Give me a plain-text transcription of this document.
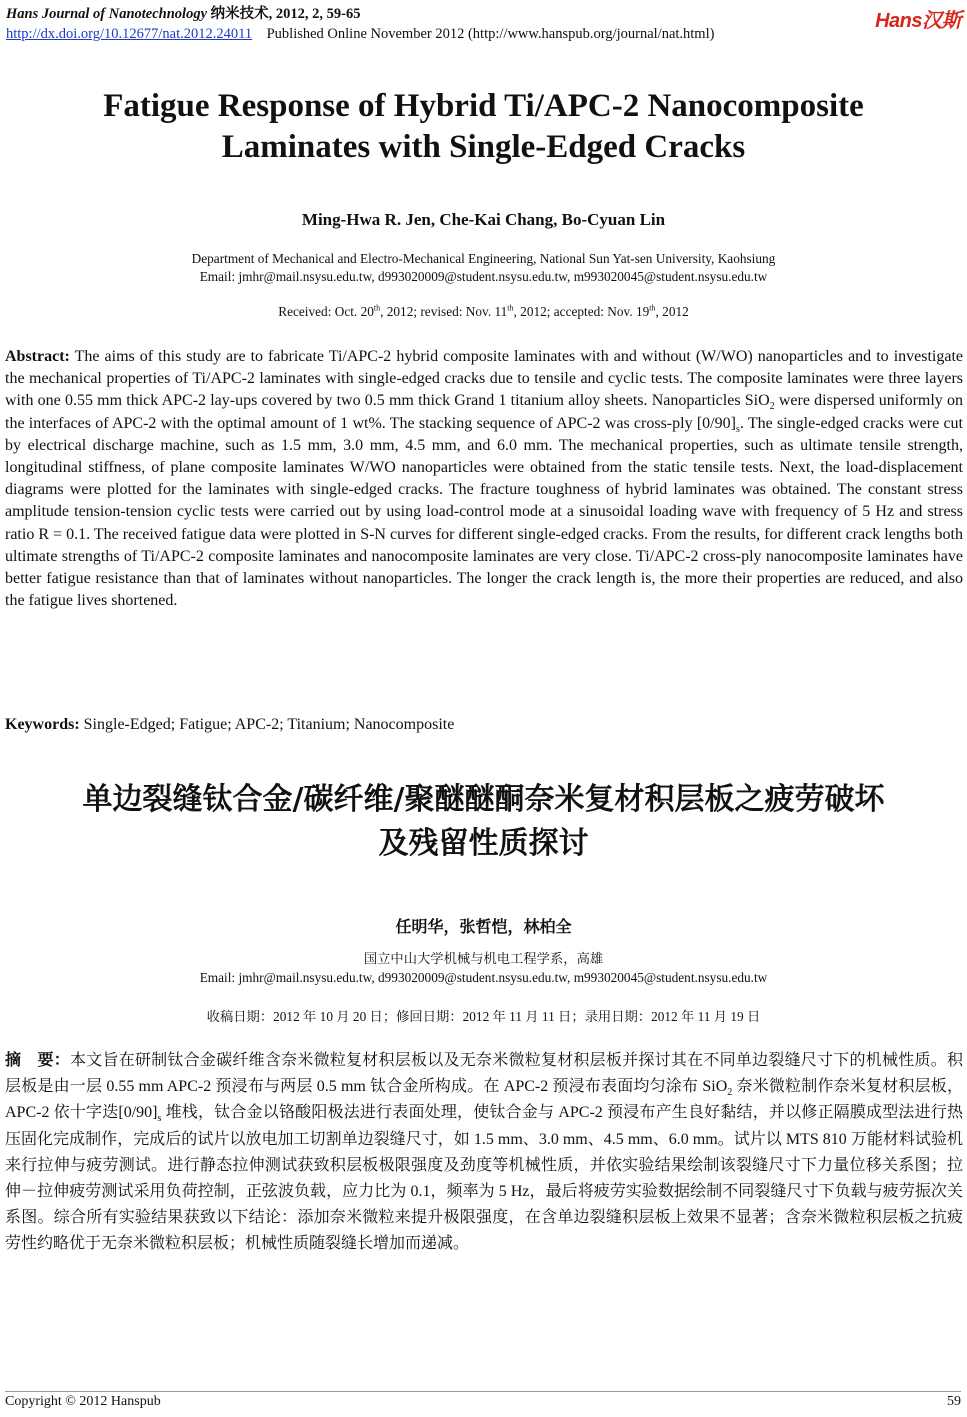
Hans Journal of Nanotechnology 纳米技术, 2012, 2, 59-65
http://dx.doi.org/10.12677/nat.2012.24011 Published Online November 2012 (http://www.hanspub.org/journal/nat.html)
Hans汉斯
Fatigue Response of Hybrid Ti/APC-2 Nanocomposite
Laminates with Single-Edged Cracks
Ming-Hwa R. Jen, Che-Kai Chang, Bo-Cyuan Lin
Department of Mechanical and Electro-Mechanical Engineering, National Sun Yat-sen University, Kaohsiung
Email: jmhr@mail.nsysu.edu.tw, d993020009@student.nsysu.edu.tw, m993020045@student.nsysu.edu.tw
Received: Oct. 20th, 2012; revised: Nov. 11th, 2012; accepted: Nov. 19th, 2012
Abstract: The aims of this study are to fabricate Ti/APC-2 hybrid composite laminates with and without (W/WO) nanoparticles and to investigate the mechanical properties of Ti/APC-2 laminates with single-edged cracks due to tensile and cyclic tests. The composite laminates were three layers with one 0.55 mm thick APC-2 lay-ups covered by two 0.5 mm thick Grand 1 titanium alloy sheets. Nanoparticles SiO$_2$ were dispersed uniformly on the interfaces of APC-2 with the optimal amount of 1 wt%. The stacking sequence of APC-2 was cross-ply $[0/90]_s$. The single-edged cracks were cut by electrical discharge machine, such as 1.5 mm, 3.0 mm, 4.5 mm, and 6.0 mm. The mechanical properties, such as ultimate tensile strength, longitudinal stiffness, of plane composite laminates W/WO nanoparticles were obtained from the static tensile tests. Next, the load-displacement diagrams were plotted for the laminates with single-edged cracks. The fracture toughness of hybrid laminates was obtained. The constant stress amplitude tension-tension cyclic tests were carried out by using load-control mode at a sinusoidal loading wave with frequency of 5 Hz and stress ratio R = 0.1. The received fatigue data were plotted in S-N curves for different single-edged cracks. From the results, for different crack lengths both ultimate strengths of Ti/APC-2 composite laminates and nanocomposite laminates are very close. Ti/APC-2 cross-ply nanocomposite laminates have better fatigue resistance than that of laminates without nanoparticles. The longer the crack length is, the more their properties are reduced, and also the fatigue lives shortened.
Keywords: Single-Edged; Fatigue; APC-2; Titanium; Nanocomposite
单边裂缝钛合金/碳纤维/聚醚醚酮奈米复材积层板之疲劳破坏
及残留性质探讨
任明华，张哲恺，林柏全
国立中山大学机械与机电工程学系，高雄
Email: jmhr@mail.nsysu.edu.tw, d993020009@student.nsysu.edu.tw, m993020045@student.nsysu.edu.tw
收稿日期：2012 年 10 月 20 日；修回日期：2012 年 11 月 11 日；录用日期：2012 年 11 月 19 日
摘　要：本文旨在研制钛合金碳纤维含奈米微粒复材积层板以及无奈米微粒复材积层板并探讨其在不同单边裂缝尺寸下的机械性质。积层板是由一层 0.55 mm APC-2 预浸布与两层 0.5 mm 钛合金所构成。在 APC-2 预浸布表面均匀涂布 SiO$_2$ 奈米微粒制作奈米复材积层板，APC-2 依十字迭$[0/90]_s$ 堆栈，钛合金以铬酸阳极法进行表面处理，使钛合金与 APC-2 预浸布产生良好黏结，并以修正隔膜成型法进行热压固化完成制作，完成后的试片以放电加工切割单边裂缝尺寸，如 1.5 mm、3.0 mm、4.5 mm、6.0 mm。试片以 MTS 810 万能材料试验机来行拉伸与疲劳测试。进行静态拉伸测试获致积层板极限强度及劲度等机械性质，并依实验结果绘制该裂缝尺寸下力量位移关系图；拉伸－拉伸疲劳测试采用负荷控制，正弦波负载，应力比为 0.1，频率为 5 Hz，最后将疲劳实验数据绘制不同裂缝尺寸下负载与疲劳振次关系图。综合所有实验结果获致以下结论：添加奈米微粒来提升极限强度，在含单边裂缝积层板上效果不显著；含奈米微粒积层板之抗疲劳性约略优于无奈米微粒积层板；机械性质随裂缝长增加而递减。
Copyright © 2012 Hanspub	59
